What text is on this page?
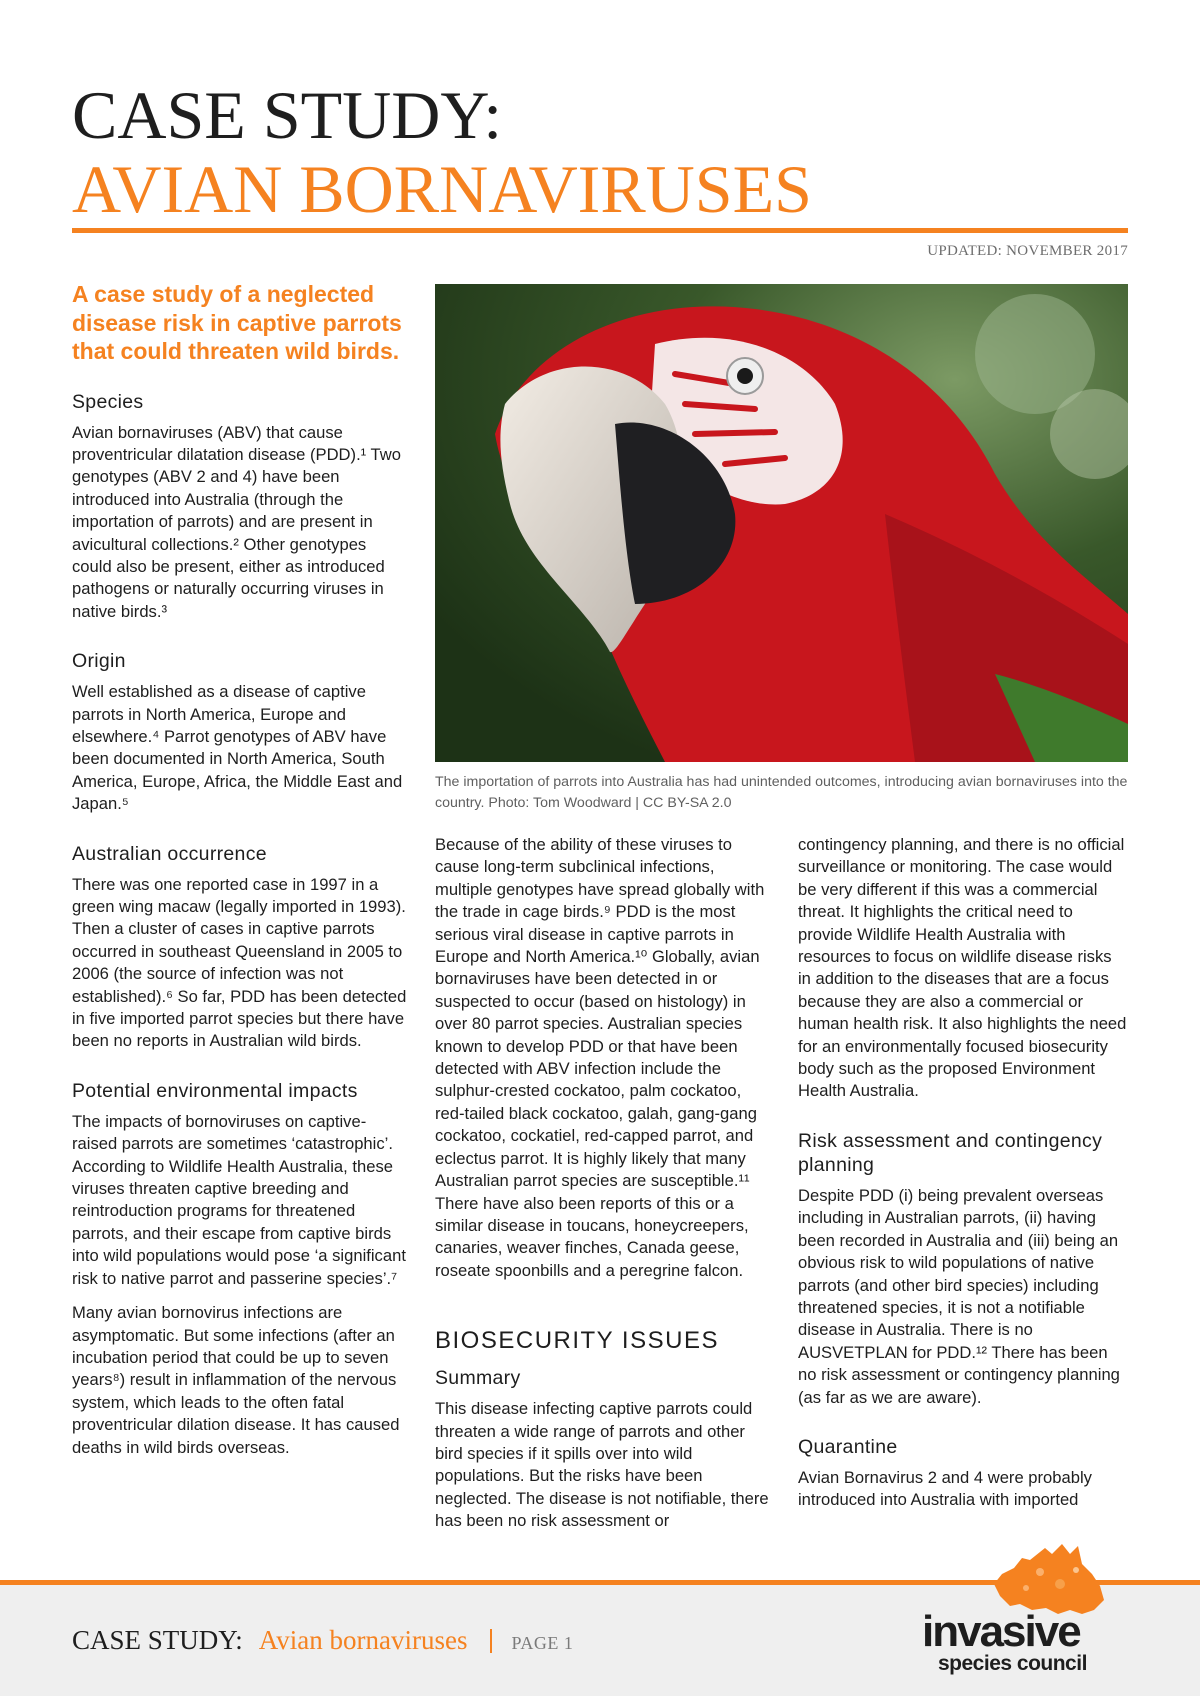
CASE STUDY:
AVIAN BORNAVIRUSES
UPDATED: NOVEMBER 2017

A case study of a neglected disease risk in captive parrots that could threaten wild birds.

Species

Avian bornaviruses (ABV) that cause proventricular dilatation disease (PDD).¹ Two genotypes (ABV 2 and 4) have been introduced into Australia (through the importation of parrots) and are present in avicultural collections.² Other genotypes could also be present, either as introduced pathogens or naturally occurring viruses in native birds.³

Origin

Well established as a disease of captive parrots in North America, Europe and elsewhere.⁴ Parrot genotypes of ABV have been documented in North America, South America, Europe, Africa, the Middle East and Japan.⁵

Australian occurrence

There was one reported case in 1997 in a green wing macaw (legally imported in 1993). Then a cluster of cases in captive parrots occurred in southeast Queensland in 2005 to 2006 (the source of infection was not established).⁶ So far, PDD has been detected in five imported parrot species but there have been no reports in Australian wild birds.

Potential environmental impacts

The impacts of bornoviruses on captive-raised parrots are sometimes ‘catastrophic’. According to Wildlife Health Australia, these viruses threaten captive breeding and reintroduction programs for threatened parrots, and their escape from captive birds into wild populations would pose ‘a significant risk to native parrot and passerine species’.⁷

Many avian bornovirus infections are asymptomatic. But some infections (after an incubation period that could be up to seven years⁸) result in inflammation of the nervous system, which leads to the often fatal proventricular dilation disease. It has caused deaths in wild birds overseas.

The importation of parrots into Australia has had unintended outcomes, introducing avian bornaviruses into the country. Photo: Tom Woodward | CC BY-SA 2.0

Because of the ability of these viruses to cause long-term subclinical infections, multiple genotypes have spread globally with the trade in cage birds.⁹ PDD is the most serious viral disease in captive parrots in Europe and North America.¹⁰ Globally, avian bornaviruses have been detected in or suspected to occur (based on histology) in over 80 parrot species. Australian species known to develop PDD or that have been detected with ABV infection include the sulphur-crested cockatoo, palm cockatoo, red-tailed black cockatoo, galah, gang-gang cockatoo, cockatiel, red-capped parrot, and eclectus parrot. It is highly likely that many Australian parrot species are susceptible.¹¹ There have also been reports of this or a similar disease in toucans, honeycreepers, canaries, weaver finches, Canada geese, roseate spoonbills and a peregrine falcon.

BIOSECURITY ISSUES
Summary

This disease infecting captive parrots could threaten a wide range of parrots and other bird species if it spills over into wild populations. But the risks have been neglected. The disease is not notifiable, there has been no risk assessment or

contingency planning, and there is no official surveillance or monitoring. The case would be very different if this was a commercial threat. It highlights the critical need to provide Wildlife Health Australia with resources to focus on wildlife disease risks in addition to the diseases that are a focus because they are also a commercial or human health risk. It also highlights the need for an environmentally focused biosecurity body such as the proposed Environment Health Australia.

Risk assessment and contingency planning

Despite PDD (i) being prevalent overseas including in Australian parrots, (ii) having been recorded in Australia and (iii) being an obvious risk to wild populations of native parrots (and other bird species) including threatened species, it is not a notifiable disease in Australia. There is no AUSVETPLAN for PDD.¹² There has been no risk assessment or contingency planning (as far as we are aware).

Quarantine

Avian Bornavirus 2 and 4 were probably introduced into Australia with imported

CASE STUDY: Avian bornaviruses PAGE 1	invasive
species council
